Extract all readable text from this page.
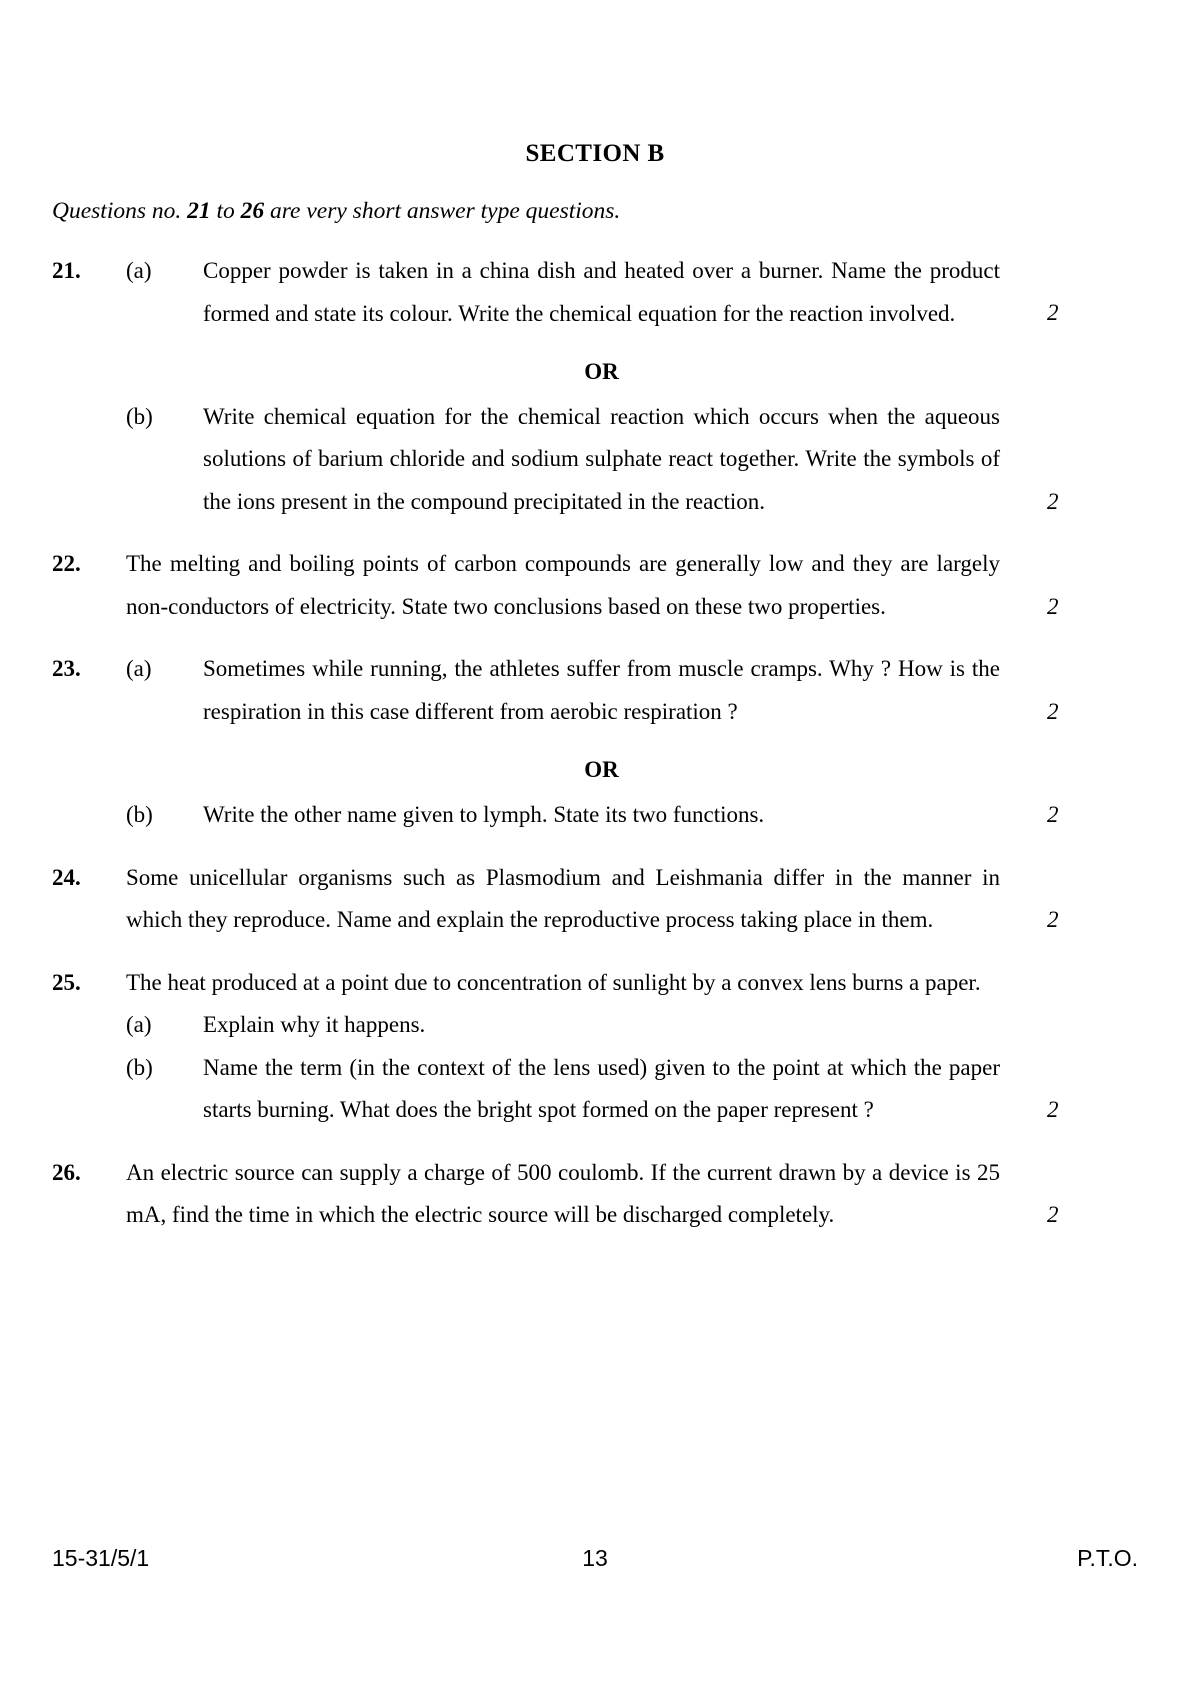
SECTION B
Questions no. 21 to 26 are very short answer type questions.
21.	(a)	Copper powder is taken in a china dish and heated over a burner. Name the product formed and state its colour. Write the chemical equation for the reaction involved.	2
OR
(b)	Write chemical equation for the chemical reaction which occurs when the aqueous solutions of barium chloride and sodium sulphate react together. Write the symbols of the ions present in the compound precipitated in the reaction.	2
22.	The melting and boiling points of carbon compounds are generally low and they are largely non-conductors of electricity. State two conclusions based on these two properties.	2
23.	(a)	Sometimes while running, the athletes suffer from muscle cramps. Why ? How is the respiration in this case different from aerobic respiration ?	2
OR
(b)	Write the other name given to lymph. State its two functions.	2
24.	Some unicellular organisms such as Plasmodium and Leishmania differ in the manner in which they reproduce. Name and explain the reproductive process taking place in them.	2
25.	The heat produced at a point due to concentration of sunlight by a convex lens burns a paper.
(a)	Explain why it happens.
(b)	Name the term (in the context of the lens used) given to the point at which the paper starts burning. What does the bright spot formed on the paper represent ?	2
26.	An electric source can supply a charge of 500 coulomb. If the current drawn by a device is 25 mA, find the time in which the electric source will be discharged completely.	2
15-31/5/1	13	P.T.O.
